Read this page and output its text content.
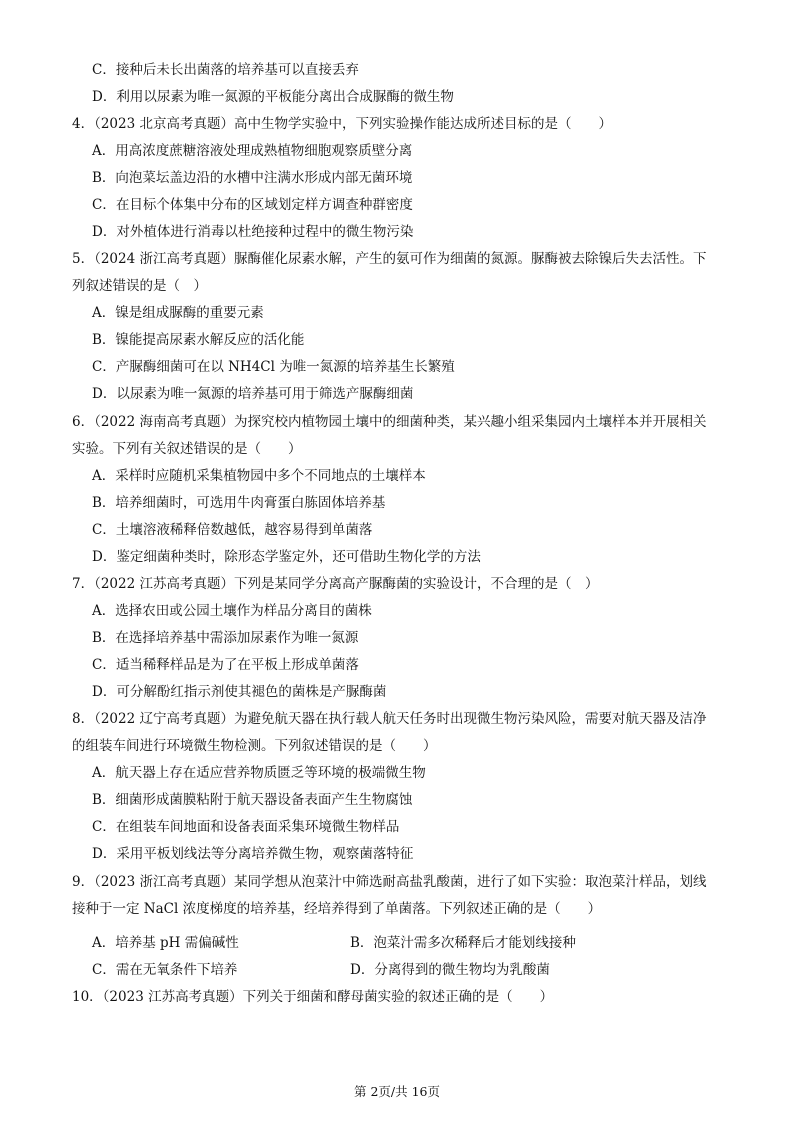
C．接种后未长出菌落的培养基可以直接丢弃
D．利用以尿素为唯一氮源的平板能分离出合成脲酶的微生物
4．（2023 北京高考真题）高中生物学实验中，下列实验操作能达成所述目标的是（　　）
A．用高浓度蔗糖溶液处理成熟植物细胞观察质壁分离
B．向泡菜坛盖边沿的水槽中注满水形成内部无菌环境
C．在目标个体集中分布的区域划定样方调查种群密度
D．对外植体进行消毒以杜绝接种过程中的微生物污染
5．（2024 浙江高考真题）脲酶催化尿素水解，产生的氨可作为细菌的氮源。脲酶被去除镍后失去活性。下
列叙述错误的是（　）
A．镍是组成脲酶的重要元素
B．镍能提高尿素水解反应的活化能
C．产脲酶细菌可在以 NH4Cl 为唯一氮源的培养基生长繁殖
D．以尿素为唯一氮源的培养基可用于筛选产脲酶细菌
6．（2022 海南高考真题）为探究校内植物园土壤中的细菌种类，某兴趣小组采集园内土壤样本并开展相关
实验。下列有关叙述错误的是（　　）
A．采样时应随机采集植物园中多个不同地点的土壤样本
B．培养细菌时，可选用牛肉膏蛋白胨固体培养基
C．土壤溶液稀释倍数越低，越容易得到单菌落
D．鉴定细菌种类时，除形态学鉴定外，还可借助生物化学的方法
7．（2022 江苏高考真题）下列是某同学分离高产脲酶菌的实验设计，不合理的是（　）
A．选择农田或公园土壤作为样品分离目的菌株
B．在选择培养基中需添加尿素作为唯一氮源
C．适当稀释样品是为了在平板上形成单菌落
D．可分解酚红指示剂使其褪色的菌株是产脲酶菌
8．（2022 辽宁高考真题）为避免航天器在执行载人航天任务时出现微生物污染风险，需要对航天器及洁净
的组装车间进行环境微生物检测。下列叙述错误的是（　　）
A．航天器上存在适应营养物质匮乏等环境的极端微生物
B．细菌形成菌膜粘附于航天器设备表面产生生物腐蚀
C．在组装车间地面和设备表面采集环境微生物样品
D．采用平板划线法等分离培养微生物，观察菌落特征
9．（2023 浙江高考真题）某同学想从泡菜汁中筛选耐高盐乳酸菌，进行了如下实验：取泡菜汁样品，划线
接种于一定 NaCl 浓度梯度的培养基，经培养得到了单菌落。下列叙述正确的是（　　）
A．培养基 pH 需偏碱性	B．泡菜汁需多次稀释后才能划线接种
C．需在无氧条件下培养	D．分离得到的微生物均为乳酸菌
10．（2023 江苏高考真题）下列关于细菌和酵母菌实验的叙述正确的是（　　）
第 2页/共 16页
